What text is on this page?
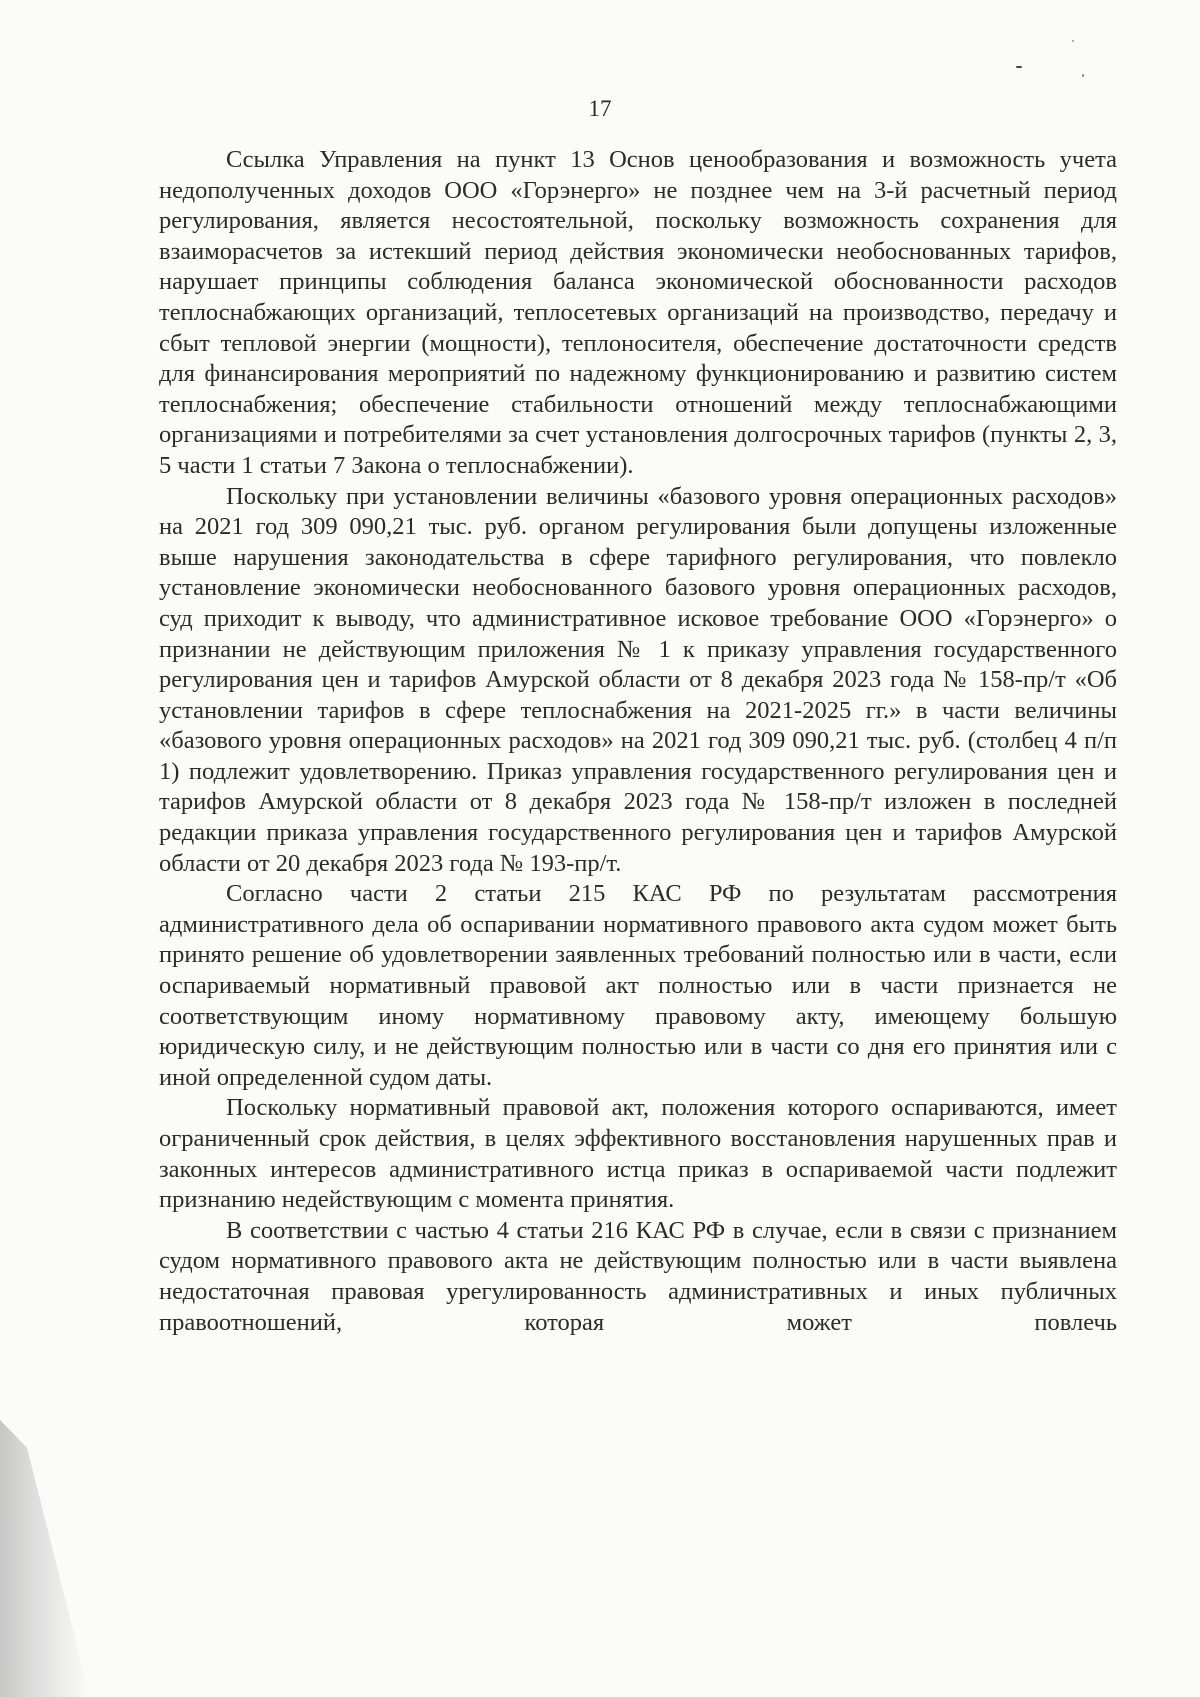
17

Ссылка Управления на пункт 13 Основ ценообразования и возможность учета недополученных доходов ООО «Горэнерго» не позднее чем на 3-й расчетный период регулирования, является несостоятельной, поскольку возможность сохранения для взаиморасчетов за истекший период действия экономически необоснованных тарифов, нарушает принципы соблюдения баланса экономической обоснованности расходов теплоснабжающих организаций, теплосетевых организаций на производство, передачу и сбыт тепловой энергии (мощности), теплоносителя, обеспечение достаточности средств для финансирования мероприятий по надежному функционированию и развитию систем теплоснабжения; обеспечение стабильности отношений между теплоснабжающими организациями и потребителями за счет установления долгосрочных тарифов (пункты 2, 3, 5 части 1 статьи 7 Закона о теплоснабжении).

Поскольку при установлении величины «базового уровня операционных расходов» на 2021 год 309 090,21 тыс. руб. органом регулирования были допущены изложенные выше нарушения законодательства в сфере тарифного регулирования, что повлекло установление экономически необоснованного базового уровня операционных расходов, суд приходит к выводу, что административное исковое требование ООО «Горэнерго» о признании не действующим приложения № 1 к приказу управления государственного регулирования цен и тарифов Амурской области от 8 декабря 2023 года № 158-пр/т «Об установлении тарифов в сфере теплоснабжения на 2021-2025 гг.» в части величины «базового уровня операционных расходов» на 2021 год 309 090,21 тыс. руб. (столбец 4 п/п 1) подлежит удовлетворению. Приказ управления государственного регулирования цен и тарифов Амурской области от 8 декабря 2023 года № 158-пр/т изложен в последней редакции приказа управления государственного регулирования цен и тарифов Амурской области от 20 декабря 2023 года № 193-пр/т.

Согласно части 2 статьи 215 КАС РФ по результатам рассмотрения административного дела об оспаривании нормативного правового акта судом может быть принято решение об удовлетворении заявленных требований полностью или в части, если оспариваемый нормативный правовой акт полностью или в части признается не соответствующим иному нормативному правовому акту, имеющему большую юридическую силу, и не действующим полностью или в части со дня его принятия или с иной определенной судом даты.

Поскольку нормативный правовой акт, положения которого оспариваются, имеет ограниченный срок действия, в целях эффективного восстановления нарушенных прав и законных интересов административного истца приказ в оспариваемой части подлежит признанию недействующим с момента принятия.

В соответствии с частью 4 статьи 216 КАС РФ в случае, если в связи с признанием судом нормативного правового акта не действующим полностью или в части выявлена недостаточная правовая урегулированность административных и иных публичных правоотношений, которая может повлечь
